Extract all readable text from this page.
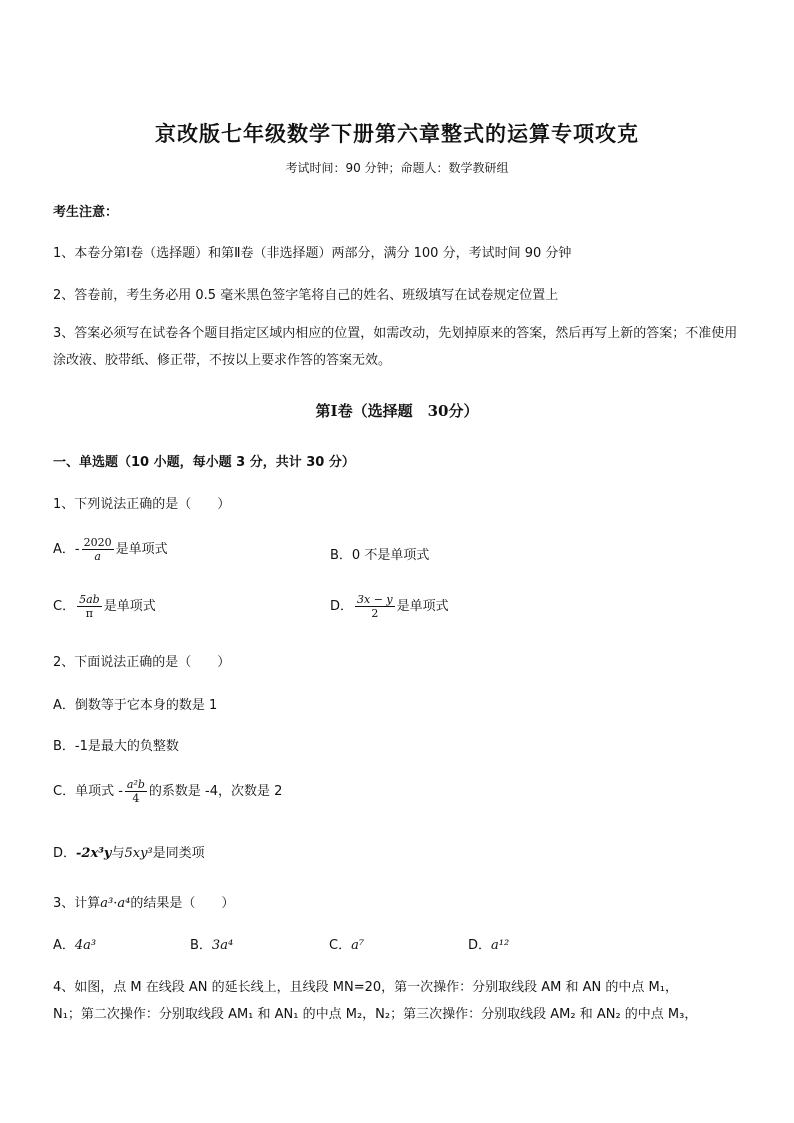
京改版七年级数学下册第六章整式的运算专项攻克
考试时间：90 分钟；命题人：数学教研组
考生注意：
1、本卷分第Ⅰ卷（选择题）和第Ⅱ卷（非选择题）两部分，满分 100 分，考试时间 90 分钟
2、答卷前，考生务必用 0.5 毫米黑色签字笔将自己的姓名、班级填写在试卷规定位置上
3、答案必须写在试卷各个题目指定区域内相应的位置，如需改动，先划掉原来的答案，然后再写上新的答案；不准使用涂改液、胶带纸、修正带，不按以上要求作答的答案无效。
第Ⅰ卷（选择题　30分）
一、单选题（10 小题，每小题 3 分，共计 30 分）
1、下列说法正确的是（　　）
A．- $\frac{2020}{a}$ 是单项式	B．0 不是单项式
C． $\frac{5ab}{\pi}$ 是单项式	D． $\frac{3x - y}{2}$ 是单项式
2、下面说法正确的是（　　）
A．倒数等于它本身的数是 1
B．-1是最大的负整数
C．单项式 - $\frac{\text{a²b}}{4}$ 的系数是 -4，次数是 2
D．-2x³y与5xy³是同类项
3、计算a³·a⁴的结果是（　　）
A．4a³	B．3a⁴	C．a⁷	D．a¹²
4、如图，点 M 在线段 AN 的延长线上，且线段 MN=20，第一次操作：分别取线段 AM 和 AN 的中点 M₁，
N₁；第二次操作：分别取线段 AM₁ 和 AN₁ 的中点 M₂，N₂；第三次操作：分别取线段 AM₂ 和 AN₂ 的中点 M₃，
